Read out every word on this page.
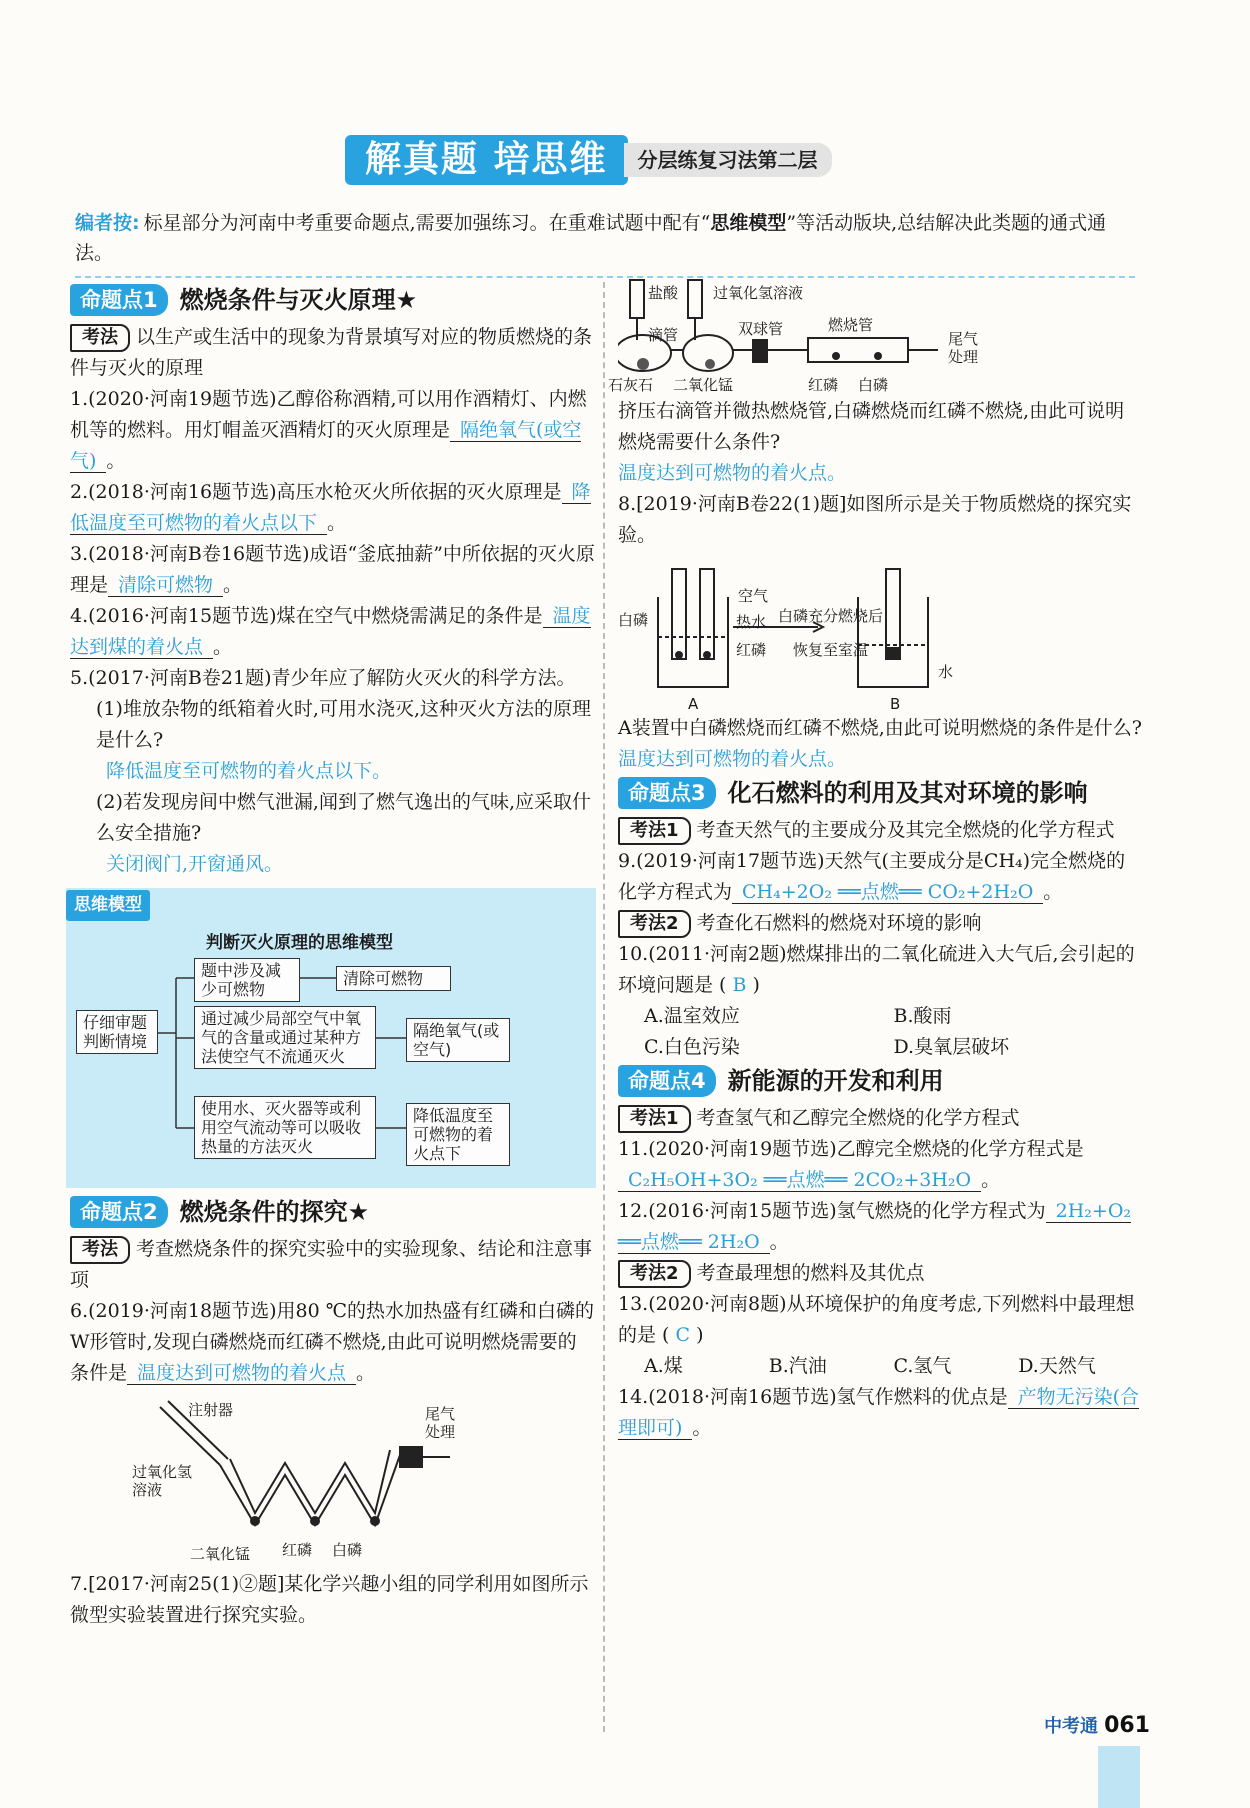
解真题 培思维	分层练复习法第二层
编者按: 标星部分为河南中考重要命题点,需要加强练习。在重难试题中配有“思维模型”等活动版块,总结解决此类题的通式通法。
命题点1 燃烧条件与灭火原理★

考法 以生产或生活中的现象为背景填写对应的物质燃烧的条件与灭火的原理

1.(2020·河南19题节选)乙醇俗称酒精,可以用作酒精灯、内燃机等的燃料。用灯帽盖灭酒精灯的灭火原理是 隔绝氧气(或空气) 。

2.(2018·河南16题节选)高压水枪灭火所依据的灭火原理是 降低温度至可燃物的着火点以下 。

3.(2018·河南B卷16题节选)成语“釜底抽薪”中所依据的灭火原理是 清除可燃物 。

4.(2016·河南15题节选)煤在空气中燃烧需满足的条件是 温度达到煤的着火点 。

5.(2017·河南B卷21题)青少年应了解防火灭火的科学方法。

(1)堆放杂物的纸箱着火时,可用水浇灭,这种灭火方法的原理是什么?

降低温度至可燃物的着火点以下。

(2)若发现房间中燃气泄漏,闻到了燃气逸出的气味,应采取什么安全措施?

关闭阀门,开窗通风。

思维模型
判断灭火原理的思维模型
仔细审题判断情境
题中涉及减少可燃物
清除可燃物
通过减少局部空气中氧气的含量或通过某种方法使空气不流通灭火
隔绝氧气(或空气)
使用水、灭火器等或利用空气流动等可以吸收热量的方法灭火
降低温度至可燃物的着火点下
命题点2 燃烧条件的探究★

考法 考查燃烧条件的探究实验中的实验现象、结论和注意事项

6.(2019·河南18题节选)用80 ℃的热水加热盛有红磷和白磷的W形管时,发现白磷燃烧而红磷不燃烧,由此可说明燃烧需要的条件是 温度达到可燃物的着火点 。

注射器	尾气处理
过氧化氢溶液
二氧化锰 红磷 白磷

7.[2017·河南25(1)②题]某化学兴趣小组的同学利用如图所示微型实验装置进行探究实验。

盐酸 过氧化氢溶液
滴管	双球管	燃烧管
石灰石 二氧化锰	红磷 白磷
尾气处理

挤压右滴管并微热燃烧管,白磷燃烧而红磷不燃烧,由此可说明燃烧需要什么条件?

温度达到可燃物的着火点。

8.[2019·河南B卷22(1)题]如图所示是关于物质燃烧的探究实验。

空气
白磷	热水
红磷
白磷充分燃烧后
恢复至室温
水
A	B

A装置中白磷燃烧而红磷不燃烧,由此可说明燃烧的条件是什么?

温度达到可燃物的着火点。

命题点3 化石燃料的利用及其对环境的影响

考法1 考查天然气的主要成分及其完全燃烧的化学方程式

9.(2019·河南17题节选)天然气(主要成分是CH₄)完全燃烧的化学方程式为 CH₄+2O₂ ══点燃══ CO₂+2H₂O 。

考法2 考查化石燃料的燃烧对环境的影响

10.(2011·河南2题)燃煤排出的二氧化硫进入大气后,会引起的环境问题是 ( B )

A.温室效应	B.酸雨
C.白色污染	D.臭氧层破坏
命题点4 新能源的开发和利用

考法1 考查氢气和乙醇完全燃烧的化学方程式

11.(2020·河南19题节选)乙醇完全燃烧的化学方程式是C₂H₅OH+3O₂ ══点燃══ 2CO₂+3H₂O 。

12.(2016·河南15题节选)氢气燃烧的化学方程式为 2H₂+O₂ ══点燃══ 2H₂O 。

考法2 考查最理想的燃料及其优点

13.(2020·河南8题)从环境保护的角度考虑,下列燃料中最理想的是 ( C )

A.煤	B.汽油	C.氢气	D.天然气

14.(2018·河南16题节选)氢气作燃料的优点是 产物无污染(合理即可) 。

中考通 061
